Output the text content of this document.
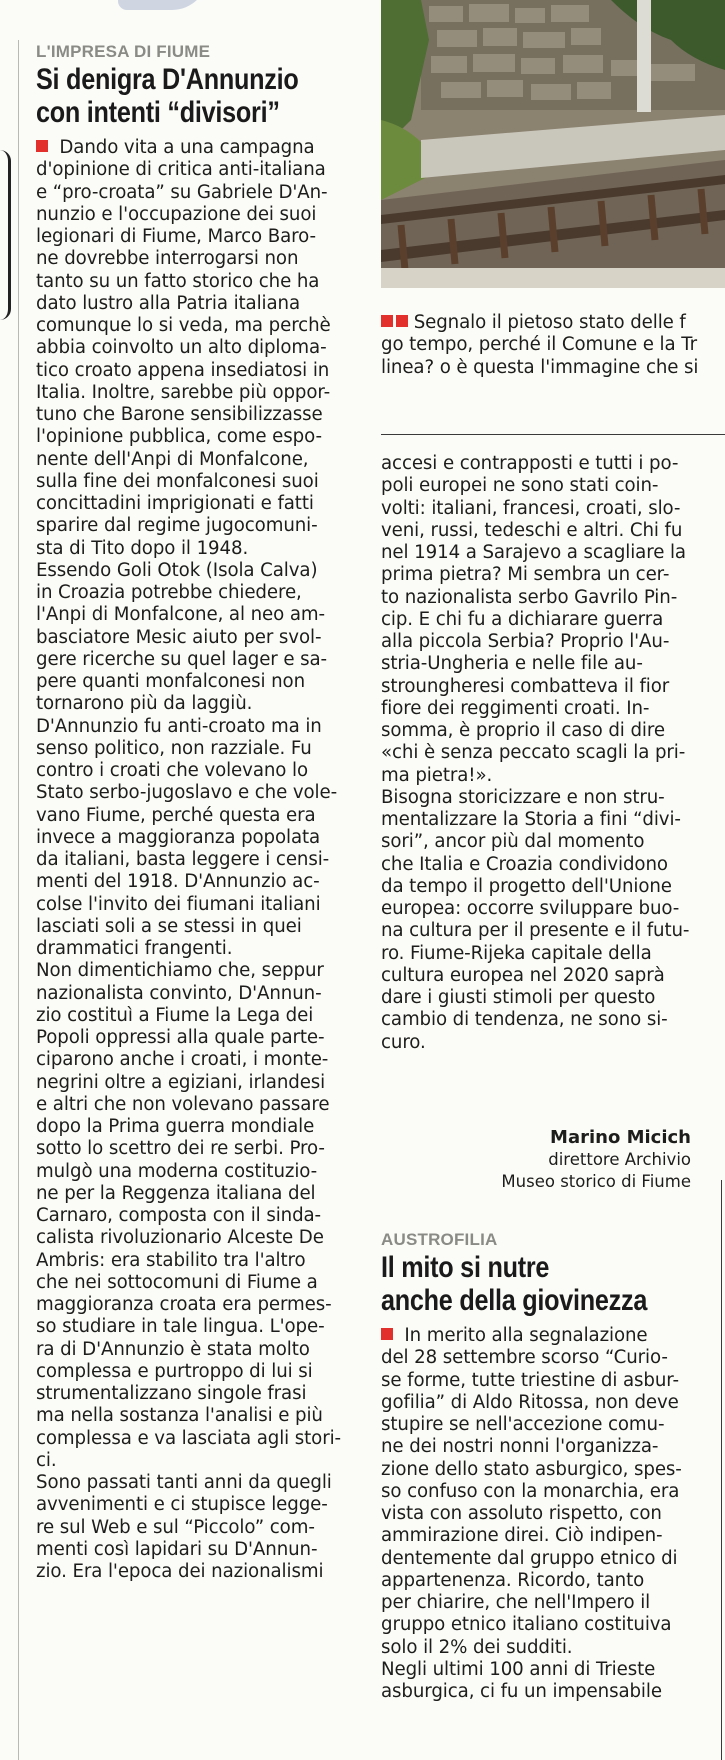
Segnalo il pietoso stato delle f
go tempo, perché il Comune e la Tr
linea? o è questa l'immagine che si
L'IMPRESA DI FIUME
Si denigra D'Annunzio
con intenti “divisori”
Dando vita a una campagna
d'opinione di critica anti-italiana
e “pro-croata” su Gabriele D'An-
nunzio e l'occupazione dei suoi
legionari di Fiume, Marco Baro-
ne dovrebbe interrogarsi non
tanto su un fatto storico che ha
dato lustro alla Patria italiana
comunque lo si veda, ma perchè
abbia coinvolto un alto diploma-
tico croato appena insediatosi in
Italia. Inoltre, sarebbe più oppor-
tuno che Barone sensibilizzasse
l'opinione pubblica, come espo-
nente dell'Anpi di Monfalcone,
sulla fine dei monfalconesi suoi
concittadini imprigionati e fatti
sparire dal regime jugocomuni-
sta di Tito dopo il 1948.
Essendo Goli Otok (Isola Calva)
in Croazia potrebbe chiedere,
l'Anpi di Monfalcone, al neo am-
basciatore Mesic aiuto per svol-
gere ricerche su quel lager e sa-
pere quanti monfalconesi non
tornarono più da laggiù.
D'Annunzio fu anti-croato ma in
senso politico, non razziale. Fu
contro i croati che volevano lo
Stato serbo-jugoslavo e che vole-
vano Fiume, perché questa era
invece a maggioranza popolata
da italiani, basta leggere i censi-
menti del 1918. D'Annunzio ac-
colse l'invito dei fiumani italiani
lasciati soli a se stessi in quei
drammatici frangenti.
Non dimentichiamo che, seppur
nazionalista convinto, D'Annun-
zio costituì a Fiume la Lega dei
Popoli oppressi alla quale parte-
ciparono anche i croati, i monte-
negrini oltre a egiziani, irlandesi
e altri che non volevano passare
dopo la Prima guerra mondiale
sotto lo scettro dei re serbi. Pro-
mulgò una moderna costituzio-
ne per la Reggenza italiana del
Carnaro, composta con il sinda-
calista rivoluzionario Alceste De
Ambris: era stabilito tra l'altro
che nei sottocomuni di Fiume a
maggioranza croata era permes-
so studiare in tale lingua. L'ope-
ra di D'Annunzio è stata molto
complessa e purtroppo di lui si
strumentalizzano singole frasi
ma nella sostanza l'analisi e più
complessa e va lasciata agli stori-
ci.
Sono passati tanti anni da quegli
avvenimenti e ci stupisce legge-
re sul Web e sul “Piccolo” com-
menti così lapidari su D'Annun-
zio. Era l'epoca dei nazionalismi
accesi e contrapposti e tutti i po-
poli europei ne sono stati coin-
volti: italiani, francesi, croati, slo-
veni, russi, tedeschi e altri. Chi fu
nel 1914 a Sarajevo a scagliare la
prima pietra? Mi sembra un cer-
to nazionalista serbo Gavrilo Pin-
cip. E chi fu a dichiarare guerra
alla piccola Serbia? Proprio l'Au-
stria-Ungheria e nelle file au-
stroungheresi combatteva il fior
fiore dei reggimenti croati. In-
somma, è proprio il caso di dire
«chi è senza peccato scagli la pri-
ma pietra!».
Bisogna storicizzare e non stru-
mentalizzare la Storia a fini “divi-
sori”, ancor più dal momento
che Italia e Croazia condividono
da tempo il progetto dell'Unione
europea: occorre sviluppare buo-
na cultura per il presente e il futu-
ro. Fiume-Rijeka capitale della
cultura europea nel 2020 saprà
dare i giusti stimoli per questo
cambio di tendenza, ne sono si-
curo.
Marino Micich
direttore Archivio
Museo storico di Fiume
AUSTROFILIA
Il mito si nutre
anche della giovinezza
In merito alla segnalazione
del 28 settembre scorso “Curio-
se forme, tutte triestine di asbur-
gofilia” di Aldo Ritossa, non deve
stupire se nell'accezione comu-
ne dei nostri nonni l'organizza-
zione dello stato asburgico, spes-
so confuso con la monarchia, era
vista con assoluto rispetto, con
ammirazione direi. Ciò indipen-
dentemente dal gruppo etnico di
appartenenza. Ricordo, tanto
per chiarire, che nell'Impero il
gruppo etnico italiano costituiva
solo il 2% dei sudditi.
Negli ultimi 100 anni di Trieste
asburgica, ci fu un impensabile
